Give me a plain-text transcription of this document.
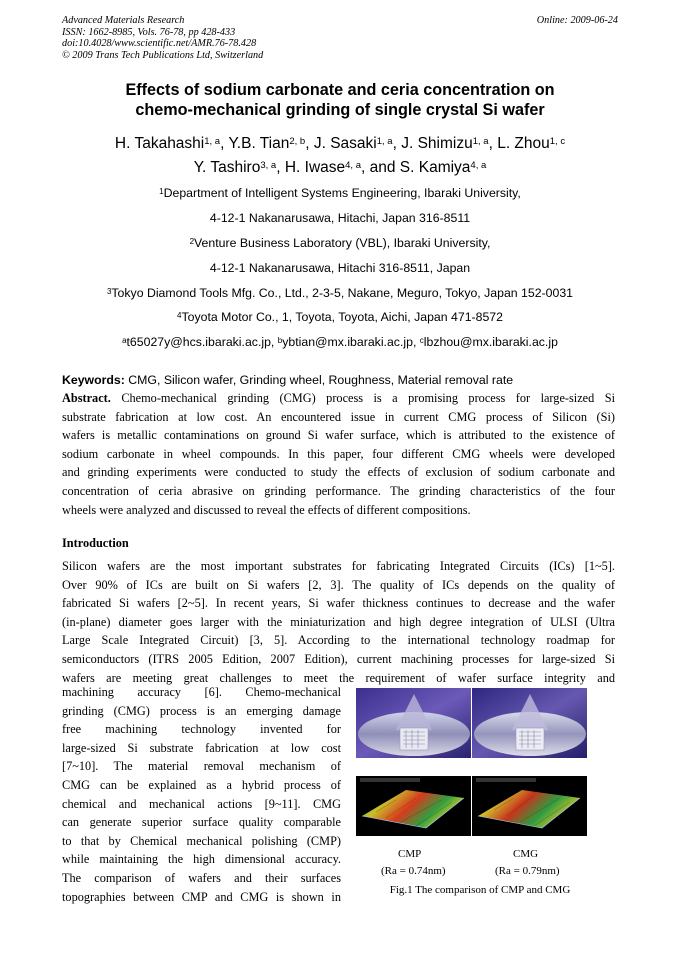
Advanced Materials Research
ISSN: 1662-8985, Vols. 76-78, pp 428-433
doi:10.4028/www.scientific.net/AMR.76-78.428
© 2009 Trans Tech Publications Ltd, Switzerland
Online: 2009-06-24
Effects of sodium carbonate and ceria concentration on
chemo-mechanical grinding of single crystal Si wafer
H. Takahashi$^{1, a}$, Y.B. Tian$^{2, b}$, J. Sasaki$^{1, a}$, J. Shimizu$^{1, a}$, L. Zhou$^{1, c}$
Y. Tashiro$^{3, a}$, H. Iwase$^{4, a}$, and S. Kamiya$^{4, a}$
$^1$Department of Intelligent Systems Engineering, Ibaraki University,
4-12-1 Nakanarusawa, Hitachi, Japan 316-8511
$^2$Venture Business Laboratory (VBL), Ibaraki University,
4-12-1 Nakanarusawa, Hitachi 316-8511, Japan
$^3$Tokyo Diamond Tools Mfg. Co., Ltd., 2-3-5, Nakane, Meguro, Tokyo, Japan 152-0031
$^4$Toyota Motor Co., 1, Toyota, Toyota, Aichi, Japan 471-8572
$^a$t65027y@hcs.ibaraki.ac.jp, $^b$ybtian@mx.ibaraki.ac.jp, $^c$lbzhou@mx.ibaraki.ac.jp
Keywords: CMG, Silicon wafer, Grinding wheel, Roughness, Material removal rate
Abstract. Chemo-mechanical grinding (CMG) process is a promising process for large-sized Si
substrate fabrication at low cost. An encountered issue in current CMG process of Silicon (Si)
wafers is metallic contaminations on ground Si wafer surface, which is attributed to the existence of
sodium carbonate in wheel compounds. In this paper, four different CMG wheels were developed
and grinding experiments were conducted to study the effects of exclusion of sodium carbonate and
concentration of ceria abrasive on grinding performance. The grinding characteristics of the four
wheels were analyzed and discussed to reveal the effects of different compositions.
Introduction
Silicon wafers are the most important substrates for fabricating Integrated Circuits (ICs) [1~5].
Over 90% of ICs are built on Si wafers [2, 3]. The quality of ICs depends on the quality of
fabricated Si wafers [2~5]. In recent years, Si wafer thickness continues to decrease and the wafer
(in-plane) diameter goes larger with the miniaturization and high degree integration of ULSI (Ultra
Large Scale Integrated Circuit) [3, 5]. According to the international technology roadmap for
semiconductors (ITRS 2005 Edition, 2007 Edition), current machining processes for large-sized Si
wafers are meeting great challenges to meet the requirement of wafer surface integrity and
machining accuracy [6]. Chemo-mechanical
grinding (CMG) process is an emerging damage
free machining technology invented for
large-sized Si substrate fabrication at low cost
[7~10]. The material removal mechanism of
CMG can be explained as a hybrid process of
chemical and mechanical actions [9~11]. CMG
can generate superior surface quality comparable
to that by Chemical mechanical polishing (CMP)
while maintaining the high dimensional accuracy.
The comparison of wafers and their surfaces
topographies between CMP and CMG is shown in
CMP
(Ra = 0.74nm)
CMG
(Ra = 0.79nm)
Fig.1 The comparison of CMP and CMG
